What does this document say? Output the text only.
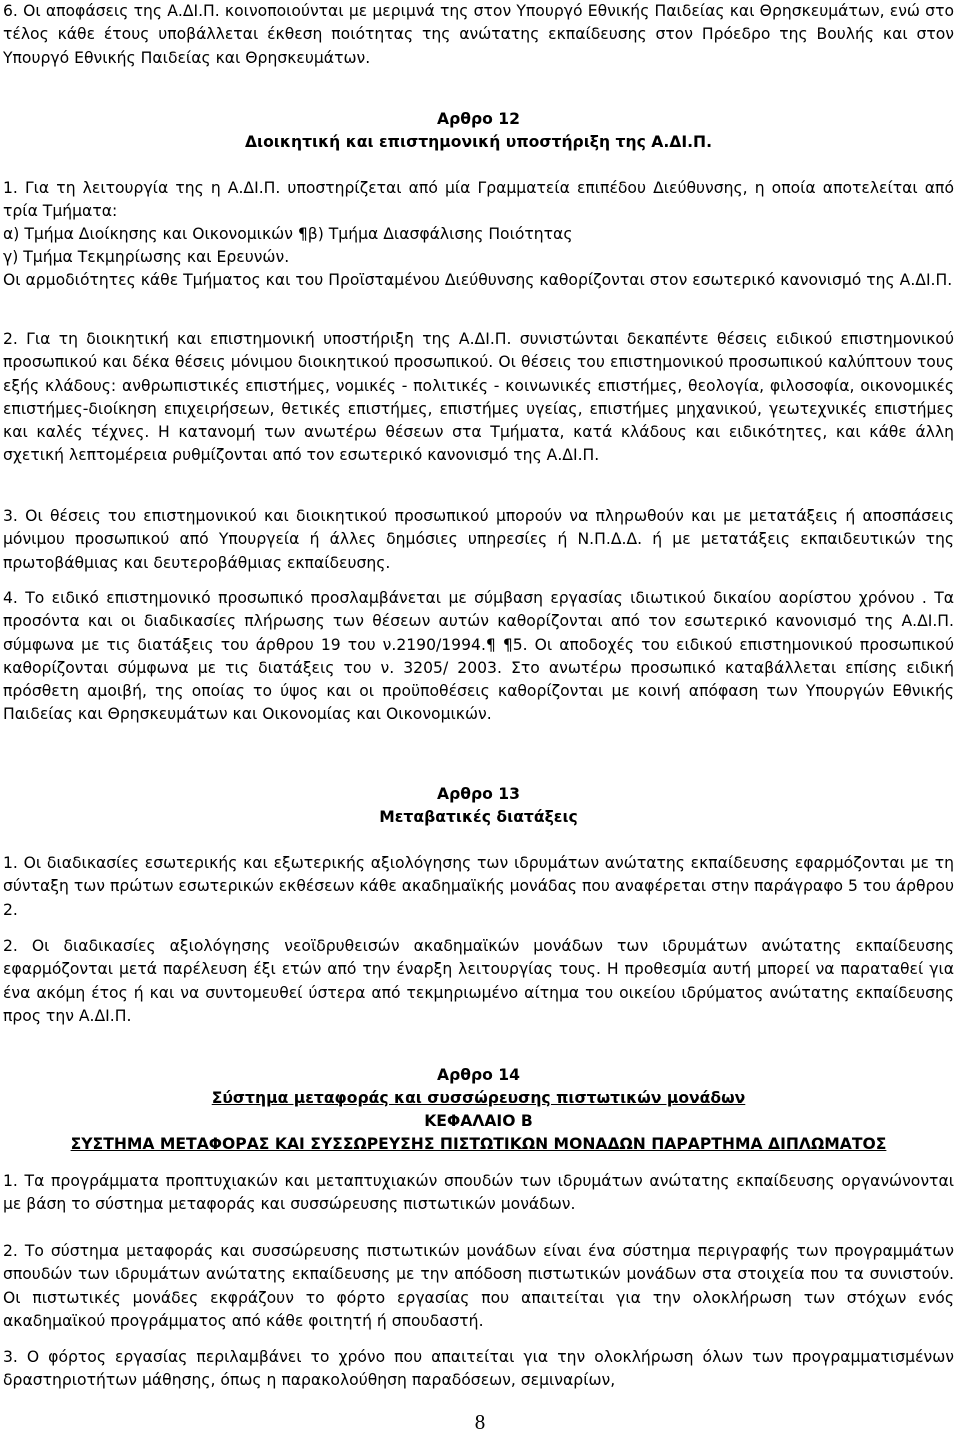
6. Οι αποφάσεις της Α.ΔΙ.Π. κοινοποιούνται με μεριμνά της στον Υπουργό Εθνικής Παιδείας και Θρησκευμάτων, ενώ στο τέλος κάθε έτους υποβάλλεται έκθεση ποιότητας της ανώτατης εκπαίδευσης στον Πρόεδρο της Βουλής και στον Υπουργό Εθνικής Παιδείας και Θρησκευμάτων.

Αρθρο 12

Διοικητική και επιστημονική υποστήριξη της Α.ΔΙ.Π.

1. Για τη λειτουργία της η Α.ΔΙ.Π. υποστηρίζεται από μία Γραμματεία επιπέδου Διεύθυνσης, η οποία αποτελείται από τρία Τμήματα:

α) Τμήμα Διοίκησης και Οικονομικών ¶β) Τμήμα Διασφάλισης Ποιότητας

γ) Τμήμα Τεκμηρίωσης και Ερευνών.

Οι αρμοδιότητες κάθε Τμήματος και του Προϊσταμένου Διεύθυνσης καθορίζονται στον εσωτερικό κανονισμό της Α.ΔΙ.Π.

2. Για τη διοικητική και επιστημονική υποστήριξη της Α.ΔΙ.Π. συνιστώνται δεκαπέντε θέσεις ειδικού επιστημονικού προσωπικού και δέκα θέσεις μόνιμου διοικητικού προσωπικού. Οι θέσεις του επιστημονικού προσωπικού καλύπτουν τους εξής κλάδους: ανθρωπιστικές επιστήμες, νομικές - πολιτικές - κοινωνικές επιστήμες, θεολογία, φιλοσοφία, οικονομικές επιστήμες-διοίκηση επιχειρήσεων, θετικές επιστήμες, επιστήμες υγείας, επιστήμες μηχανικού, γεωτεχνικές επιστήμες και καλές τέχνες. Η κατανομή των ανωτέρω θέσεων στα Τμήματα, κατά κλάδους και ειδικότητες, και κάθε άλλη σχετική λεπτομέρεια ρυθμίζονται από τον εσωτερικό κανονισμό της Α.ΔΙ.Π.

3. Οι θέσεις του επιστημονικού και διοικητικού προσωπικού μπορούν να πληρωθούν και με μετατάξεις ή αποσπάσεις μόνιμου προσωπικού από Υπουργεία ή άλλες δημόσιες υπηρεσίες ή Ν.Π.Δ.Δ. ή με μετατάξεις εκπαιδευτικών της πρωτοβάθμιας και δευτεροβάθμιας εκπαίδευσης.

4. Το ειδικό επιστημονικό προσωπικό προσλαμβάνεται με σύμβαση εργασίας ιδιωτικού δικαίου αορίστου χρόνου . Τα προσόντα και οι διαδικασίες πλήρωσης των θέσεων αυτών καθορίζονται από τον εσωτερικό κανονισμό της Α.ΔΙ.Π. σύμφωνα με τις διατάξεις του άρθρου 19 του ν.2190/1994.¶ ¶5. Οι αποδοχές του ειδικού επιστημονικού προσωπικού καθορίζονται σύμφωνα με τις διατάξεις του ν. 3205/ 2003. Στο ανωτέρω προσωπικό καταβάλλεται επίσης ειδική πρόσθετη αμοιβή, της οποίας το ύψος και οι προϋποθέσεις καθορίζονται με κοινή απόφαση των Υπουργών Εθνικής Παιδείας και Θρησκευμάτων και Οικονομίας και Οικονομικών.

Αρθρο 13

Μεταβατικές διατάξεις

1. Οι διαδικασίες εσωτερικής και εξωτερικής αξιολόγησης των ιδρυμάτων ανώτατης εκπαίδευσης εφαρμόζονται με τη σύνταξη των πρώτων εσωτερικών εκθέσεων κάθε ακαδημαϊκής μονάδας που αναφέρεται στην παράγραφο 5 του άρθρου 2.

2. Οι διαδικασίες αξιολόγησης νεοϊδρυθεισών ακαδημαϊκών μονάδων των ιδρυμάτων ανώτατης εκπαίδευσης εφαρμόζονται μετά παρέλευση έξι ετών από την έναρξη λειτουργίας τους. Η προθεσμία αυτή μπορεί να παραταθεί για ένα ακόμη έτος ή και να συντομευθεί ύστερα από τεκμηριωμένο αίτημα του οικείου ιδρύματος ανώτατης εκπαίδευσης προς την Α.ΔΙ.Π.

Αρθρο 14

Σύστημα μεταφοράς και συσσώρευσης πιστωτικών μονάδων

ΚΕΦΑΛΑΙΟ Β

ΣΥΣΤΗΜΑ ΜΕΤΑΦΟΡΑΣ ΚΑΙ ΣΥΣΣΩΡΕΥΣΗΣ ΠΙΣΤΩΤΙΚΩΝ ΜΟΝΑΔΩΝ ΠΑΡΑΡΤΗΜΑ ΔΙΠΛΩΜΑΤΟΣ

1. Τα προγράμματα προπτυχιακών και μεταπτυχιακών σπουδών των ιδρυμάτων ανώτατης εκπαίδευσης οργανώνονται με βάση το σύστημα μεταφοράς και συσσώρευσης πιστωτικών μονάδων.

2. Το σύστημα μεταφοράς και συσσώρευσης πιστωτικών μονάδων είναι ένα σύστημα περιγραφής των προγραμμάτων σπουδών των ιδρυμάτων ανώτατης εκπαίδευσης με την απόδοση πιστωτικών μονάδων στα στοιχεία που τα συνιστούν. Οι πιστωτικές μονάδες εκφράζουν το φόρτο εργασίας που απαιτείται για την ολοκλήρωση των στόχων ενός ακαδημαϊκού προγράμματος από κάθε φοιτητή ή σπουδαστή.

3. Ο φόρτος εργασίας περιλαμβάνει το χρόνο που απαιτείται για την ολοκλήρωση όλων των προγραμματισμένων δραστηριοτήτων μάθησης, όπως η παρακολούθηση παραδόσεων, σεμιναρίων,

8
